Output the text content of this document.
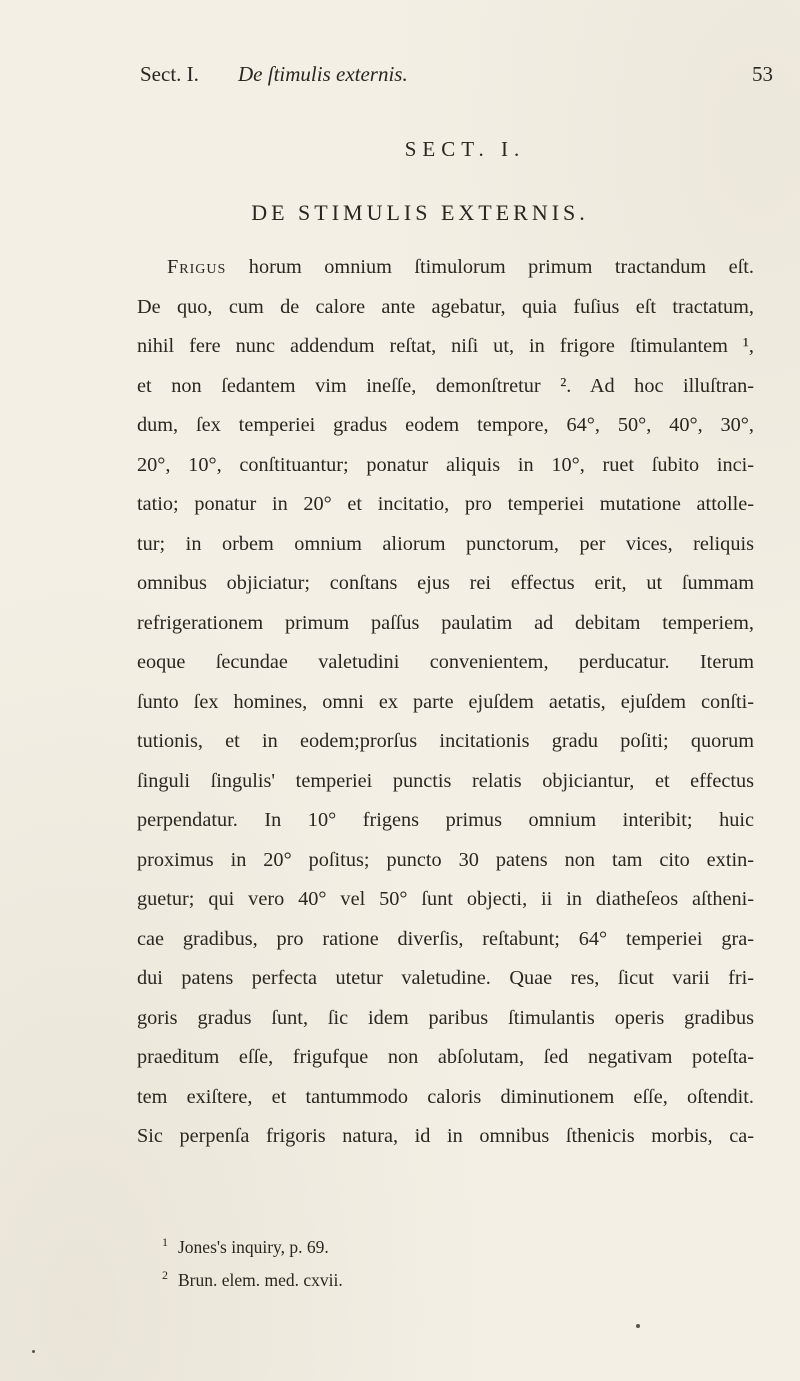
Sect. I. De ſtimulis externis.	53
SECT. I.
DE STIMULIS EXTERNIS.
Frigus horum omnium ſtimulorum primum tractandum eſt.
De quo, cum de calore ante agebatur, quia fuſius eſt tractatum,
nihil fere nunc addendum reſtat, niſi ut, in frigore ſtimulantem ¹,
et non ſedantem vim ineſſe, demonſtretur ². Ad hoc illuſtran-
dum, ſex temperiei gradus eodem tempore, 64°, 50°, 40°, 30°,
20°, 10°, conſtituantur; ponatur aliquis in 10°, ruet ſubito inci-
tatio; ponatur in 20° et incitatio, pro temperiei mutatione attolle-
tur; in orbem omnium aliorum punctorum, per vices, reliquis
omnibus objiciatur; conſtans ejus rei effectus erit, ut ſummam
refrigerationem primum paſſus paulatim ad debitam temperiem,
eoque ſecundae valetudini convenientem, perducatur. Iterum
ſunto ſex homines, omni ex parte ejuſdem aetatis, ejuſdem conſti-
tutionis, et in eodem;prorſus incitationis gradu poſiti; quorum
ſinguli ſingulis' temperiei punctis relatis objiciantur, et effectus
perpendatur. In 10° frigens primus omnium interibit; huic
proximus in 20° poſitus; puncto 30 patens non tam cito extin-
guetur; qui vero 40° vel 50° ſunt objecti, ii in diatheſeos aſtheni-
cae gradibus, pro ratione diverſis, reſtabunt; 64° temperiei gra-
dui patens perfecta utetur valetudine. Quae res, ſicut varii fri-
goris gradus ſunt, ſic idem paribus ſtimulantis operis gradibus
praeditum eſſe, frigufque non abſolutam, ſed negativam poteſta-
tem exiſtere, et tantummodo caloris diminutionem eſſe, oſtendit.
Sic perpenſa frigoris natura, id in omnibus ſthenicis morbis, ca-
$^1$ Jones's inquiry, p. 69.
$^2$ Brun. elem. med. cxvii.
